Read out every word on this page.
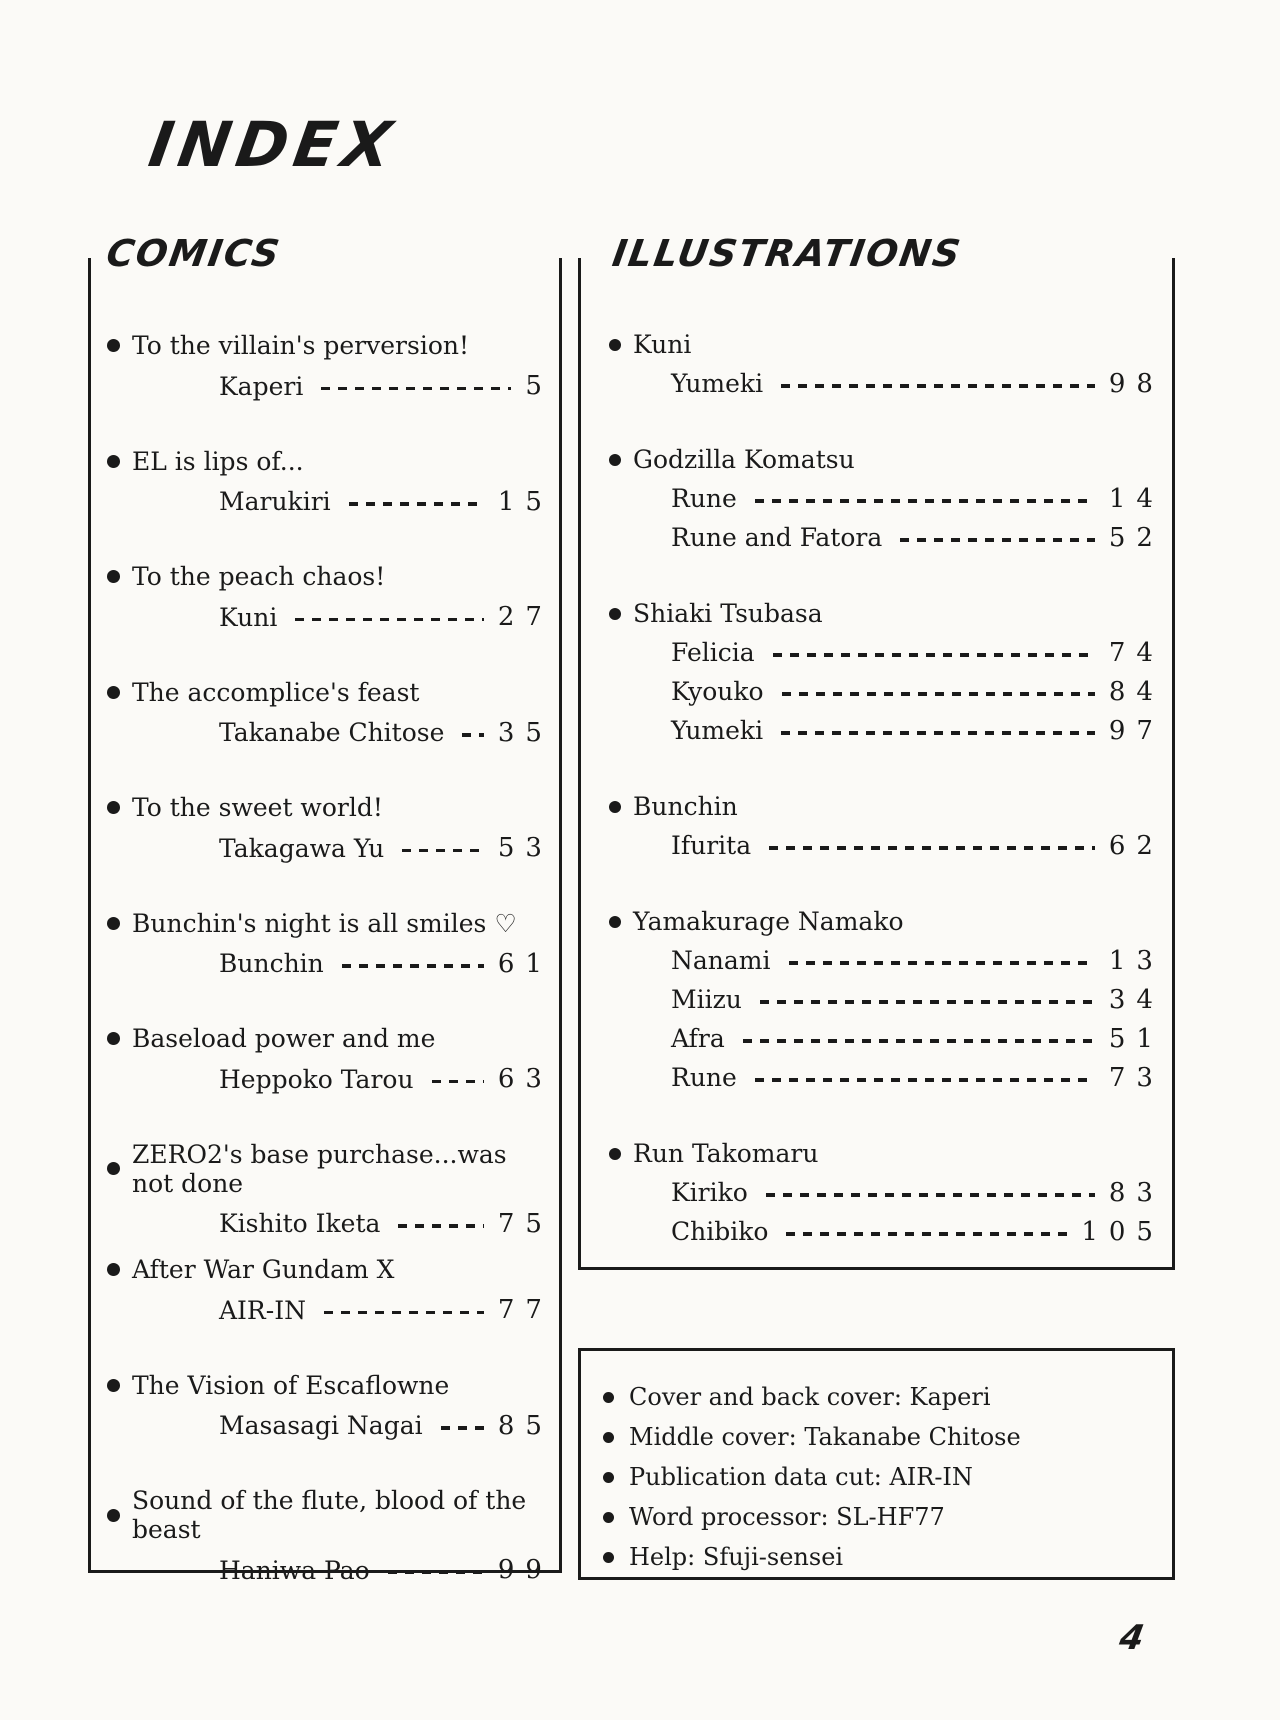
INDEX
COMICS
To the villain's perversion!
Kaperi	5
EL is lips of...
Marukiri	15
To the peach chaos!
Kuni	27
The accomplice's feast
Takanabe Chitose 35
To the sweet world!
Takagawa Yu	53
Bunchin's night is all smiles ♡
Bunchin	61
Baseload power and me
Heppoko Tarou	63
ZERO2's base purchase...was not done
Kishito Iketa	75
After War Gundam X
AIR-IN	77
The Vision of Escaflowne
Masasagi Nagai	85
Sound of the flute, blood of the beast
Haniwa Pao	99
ILLUSTRATIONS
Kuni
Yumeki	98
Godzilla Komatsu
Rune	14
Rune and Fatora	52
Shiaki Tsubasa
Felicia	74
Kyouko	84
Yumeki	97
Bunchin
Ifurita	62
Yamakurage Namako
Nanami	13
Miizu	34
Afra	51
Rune	73
Run Takomaru
Kiriko	83
Chibiko	105
Cover and back cover: Kaperi
Middle cover: Takanabe Chitose
Publication data cut: AIR-IN
Word processor: SL-HF77
Help: Sfuji-sensei
4
